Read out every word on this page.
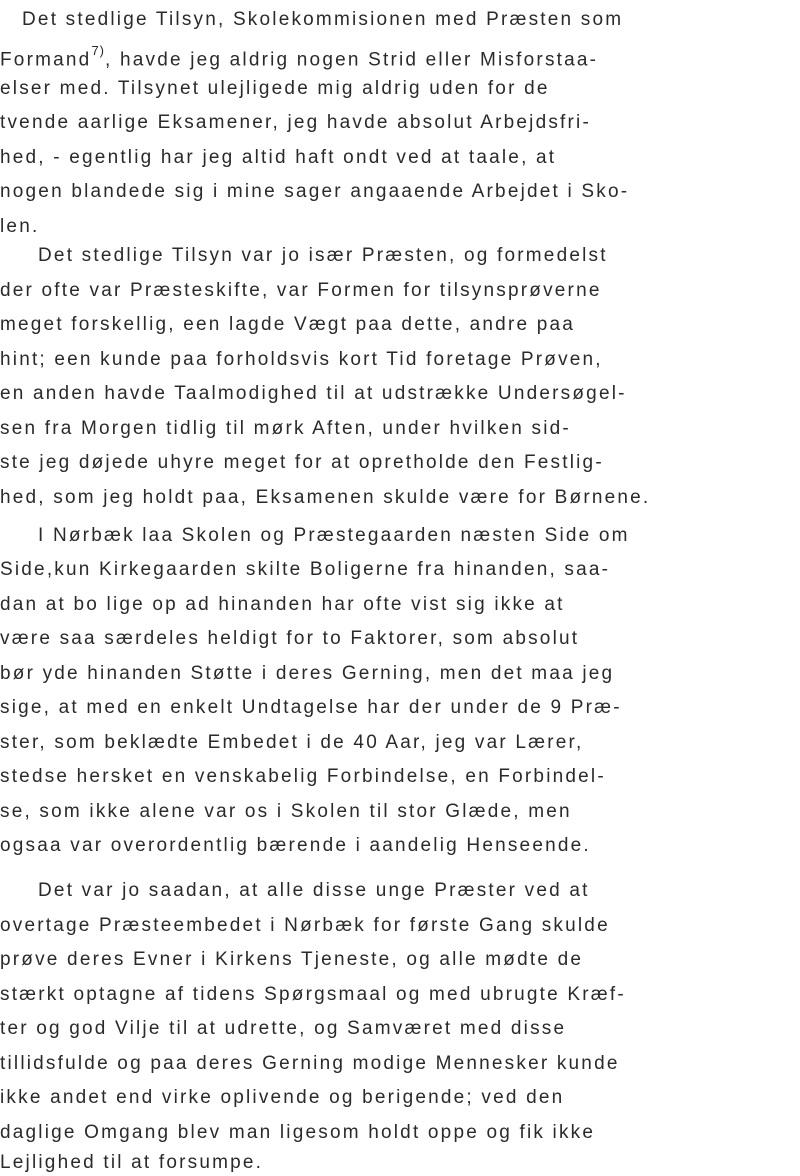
Det stedlige Tilsyn, Skolekommisionen med Præsten som
Formand$^{7)}$, havde jeg aldrig nogen Strid eller Misforstaa-
elser med. Tilsynet ulejligede mig aldrig uden for de
tvende aarlige Eksamener, jeg havde absolut Arbejdsfri-
hed, - egentlig har jeg altid haft ondt ved at taale, at
nogen blandede sig i mine sager angaaende Arbejdet i Sko-
len.
Det stedlige Tilsyn var jo især Præsten, og formedelst
der ofte var Præsteskifte, var Formen for tilsynsprøverne
meget forskellig, een lagde Vægt paa dette, andre paa
hint; een kunde paa forholdsvis kort Tid foretage Prøven,
en anden havde Taalmodighed til at udstrække Undersøgel-
sen fra Morgen tidlig til mørk Aften, under hvilken sid-
ste jeg døjede uhyre meget for at opretholde den Festlig-
hed, som jeg holdt paa, Eksamenen skulde være for Børnene.
I Nørbæk laa Skolen og Præstegaarden næsten Side om
Side,kun Kirkegaarden skilte Boligerne fra hinanden, saa-
dan at bo lige op ad hinanden har ofte vist sig ikke at
være saa særdeles heldigt for to Faktorer, som absolut
bør yde hinanden Støtte i deres Gerning, men det maa jeg
sige, at med en enkelt Undtagelse har der under de 9 Præ-
ster, som beklædte Embedet i de 40 Aar, jeg var Lærer,
stedse hersket en venskabelig Forbindelse, en Forbindel-
se, som ikke alene var os i Skolen til stor Glæde, men
ogsaa var overordentlig bærende i aandelig Henseende.
Det var jo saadan, at alle disse unge Præster ved at
overtage Præsteembedet i Nørbæk for første Gang skulde
prøve deres Evner i Kirkens Tjeneste, og alle mødte de
stærkt optagne af tidens Spørgsmaal og med ubrugte Kræf-
ter og god Vilje til at udrette, og Samværet med disse
tillidsfulde og paa deres Gerning modige Mennesker kunde
ikke andet end virke oplivende og berigende; ved den
daglige Omgang blev man ligesom holdt oppe og fik ikke
Lejlighed til at forsumpe.
